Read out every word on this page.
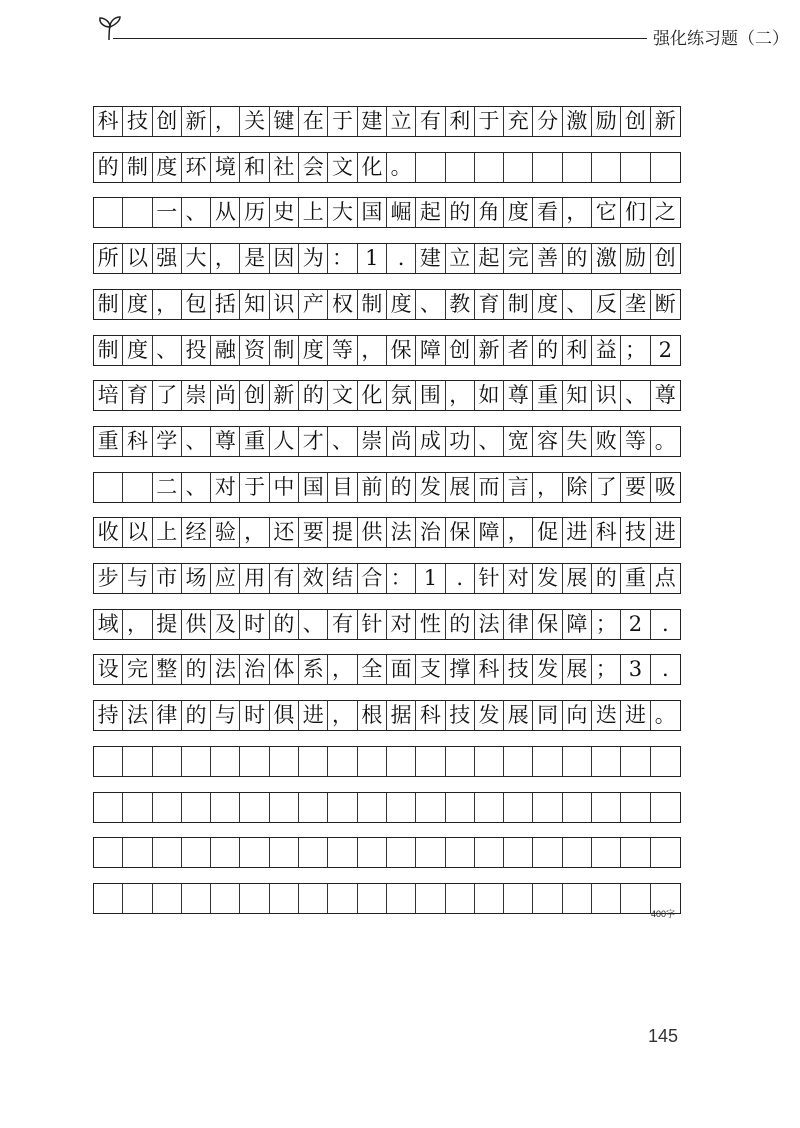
强化练习题（二）
科 技 创 新 ， 关 键 在 于 建 立 有 利 于 充 分 激 励 创 新
的 制 度 环 境 和 社 会 文 化 。
一 、 从 历 史 上 大 国 崛 起 的 角 度 看 ， 它 们 之
所 以 强 大 ， 是 因 为 ： 1 . 建 立 起 完 善 的 激 励 创
制 度 ， 包 括 知 识 产 权 制 度 、 教 育 制 度 、 反 垄 断
制 度 、 投 融 资 制 度 等 ， 保 障 创 新 者 的 利 益 ； 2
培 育 了 崇 尚 创 新 的 文 化 氛 围 ， 如 尊 重 知 识 、 尊
重 科 学 、 尊 重 人 才 、 崇 尚 成 功 、 宽 容 失 败 等 。
二 、 对 于 中 国 目 前 的 发 展 而 言 ， 除 了 要 吸
收 以 上 经 验 ， 还 要 提 供 法 治 保 障 ， 促 进 科 技 进
步 与 市 场 应 用 有 效 结 合 ： 1 . 针 对 发 展 的 重 点
域 ， 提 供 及 时 的 、 有 针 对 性 的 法 律 保 障 ； 2 .
设 完 整 的 法 治 体 系 ， 全 面 支 撑 科 技 发 展 ； 3 .
持 法 律 的 与 时 俱 进 ， 根 据 科 技 发 展 同 向 迭 进 。
400字
145
